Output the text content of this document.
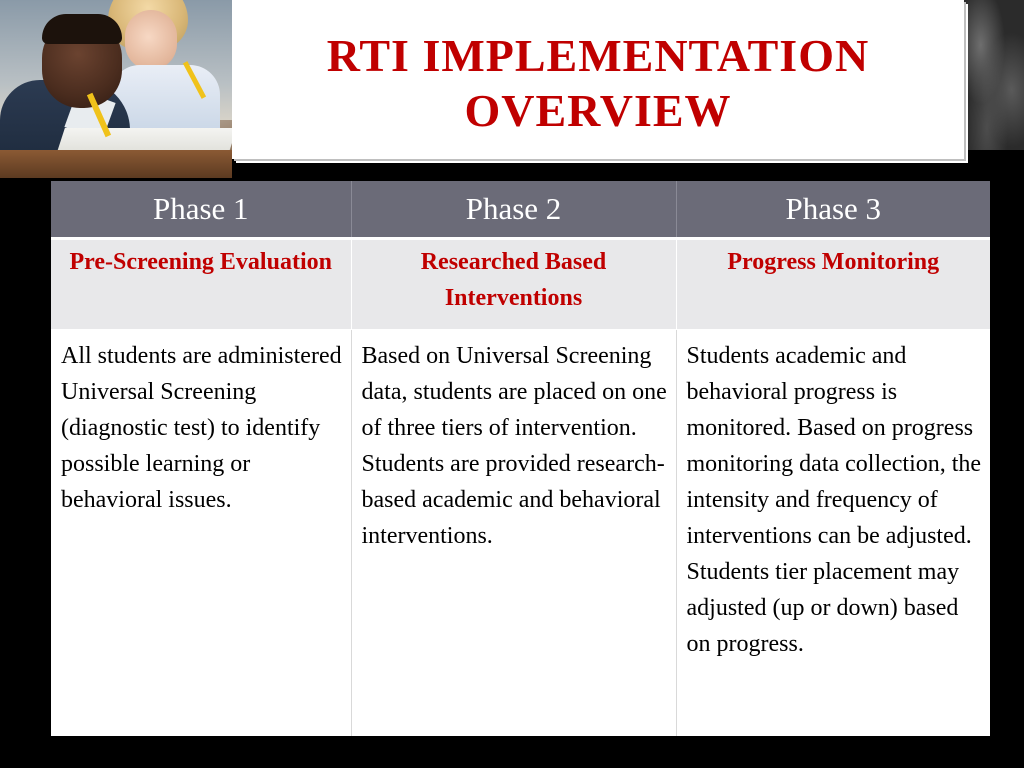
RTI IMPLEMENTATION OVERVIEW
Phase 1	Phase 2	Phase 3
Pre-Screening Evaluation	Researched Based Interventions	Progress Monitoring
All students are administered Universal Screening (diagnostic test) to identify possible learning or behavioral issues.	Based on Universal Screening data, students are placed on one of three tiers of intervention. Students are provided research-based academic and behavioral interventions.	Students academic and behavioral progress is monitored. Based on progress monitoring data collection, the intensity and frequency of interventions can be adjusted. Students tier placement may adjusted (up or down) based on progress.
